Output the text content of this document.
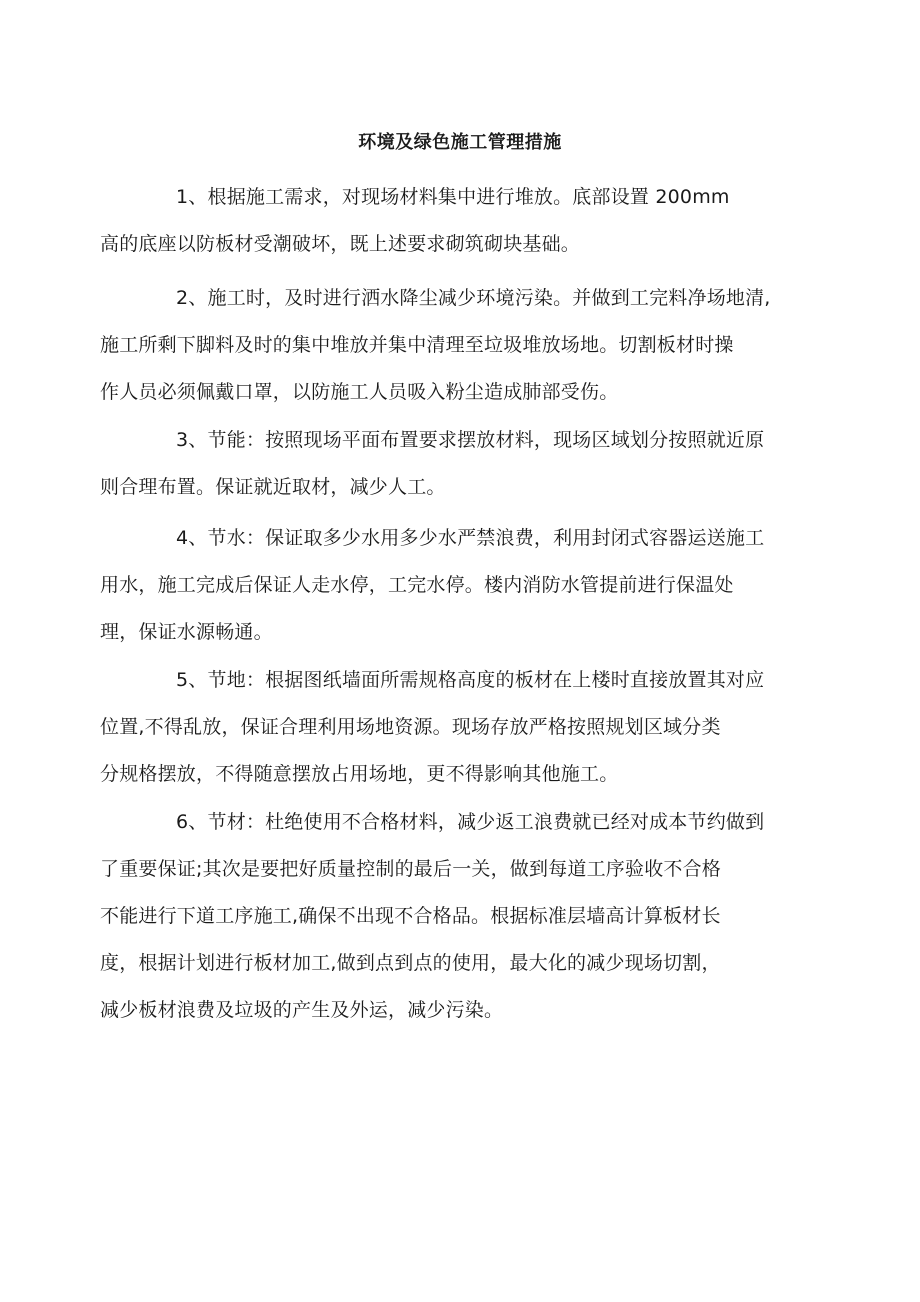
环境及绿色施工管理措施

1、根据施工需求，对现场材料集中进行堆放。底部设置 200mm
高的底座以防板材受潮破坏，既上述要求砌筑砌块基础。

2、施工时，及时进行洒水降尘减少环境污染。并做到工完料净场地清,
施工所剩下脚料及时的集中堆放并集中清理至垃圾堆放场地。切割板材时操
作人员必须佩戴口罩，以防施工人员吸入粉尘造成肺部受伤。

3、节能：按照现场平面布置要求摆放材料，现场区域划分按照就近原
则合理布置。保证就近取材，减少人工。

4、节水：保证取多少水用多少水严禁浪费，利用封闭式容器运送施工
用水，施工完成后保证人走水停，工完水停。楼内消防水管提前进行保温处
理，保证水源畅通。

5、节地：根据图纸墙面所需规格高度的板材在上楼时直接放置其对应
位置,不得乱放，保证合理利用场地资源。现场存放严格按照规划区域分类
分规格摆放，不得随意摆放占用场地，更不得影响其他施工。

6、节材：杜绝使用不合格材料，减少返工浪费就已经对成本节约做到
了重要保证;其次是要把好质量控制的最后一关，做到每道工序验收不合格
不能进行下道工序施工,确保不出现不合格品。根据标准层墙高计算板材长
度，根据计划进行板材加工,做到点到点的使用，最大化的减少现场切割，
减少板材浪费及垃圾的产生及外运，减少污染。
